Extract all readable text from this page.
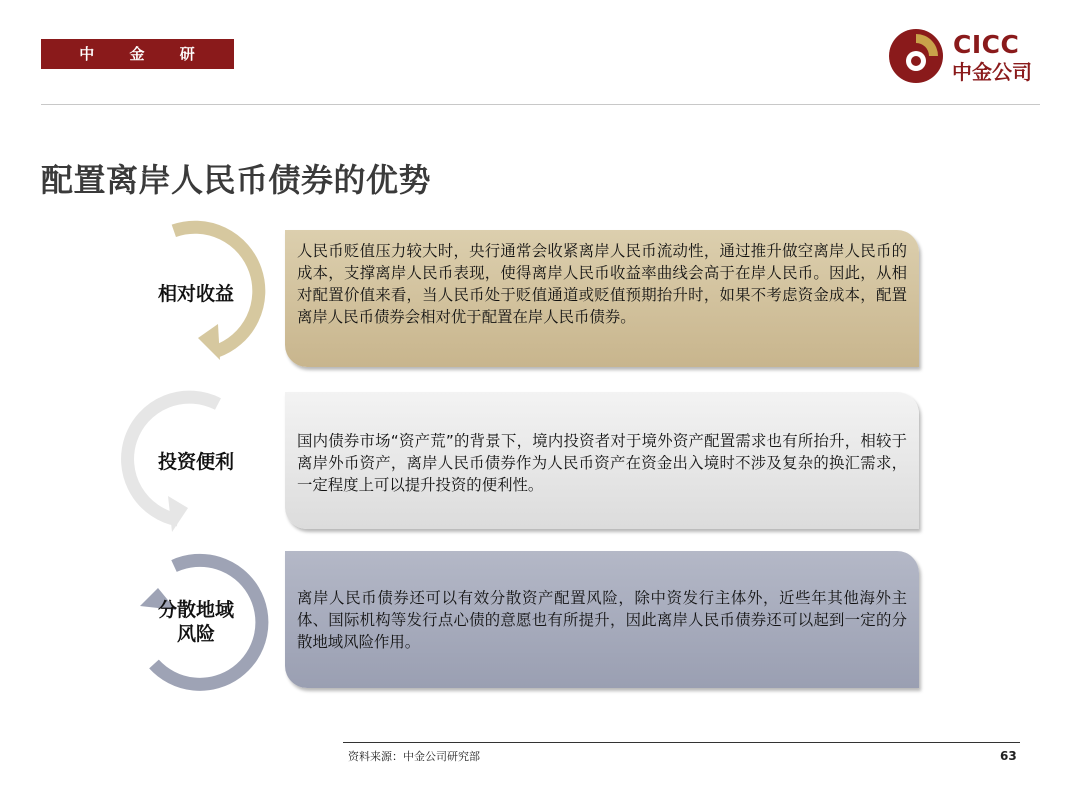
中 金 研 究 部
CICC
中金公司
配置离岸人民币债券的优势
相对收益
人民币贬值压力较大时，央行通常会收紧离岸人民币流动性，通过推升做空离岸人民币的成本，支撑离岸人民币表现，使得离岸人民币收益率曲线会高于在岸人民币。因此，从相对配置价值来看，当人民币处于贬值通道或贬值预期抬升时，如果不考虑资金成本，配置离岸人民币债券会相对优于配置在岸人民币债券。
投资便利
国内债券市场“资产荒”的背景下，境内投资者对于境外资产配置需求也有所抬升，相较于离岸外币资产，离岸人民币债券作为人民币资产在资金出入境时不涉及复杂的换汇需求，一定程度上可以提升投资的便利性。
分散地域
风险
离岸人民币债券还可以有效分散资产配置风险，除中资发行主体外，近些年其他海外主体、国际机构等发行点心债的意愿也有所提升，因此离岸人民币债券还可以起到一定的分散地域风险作用。
资料来源：中金公司研究部	63
